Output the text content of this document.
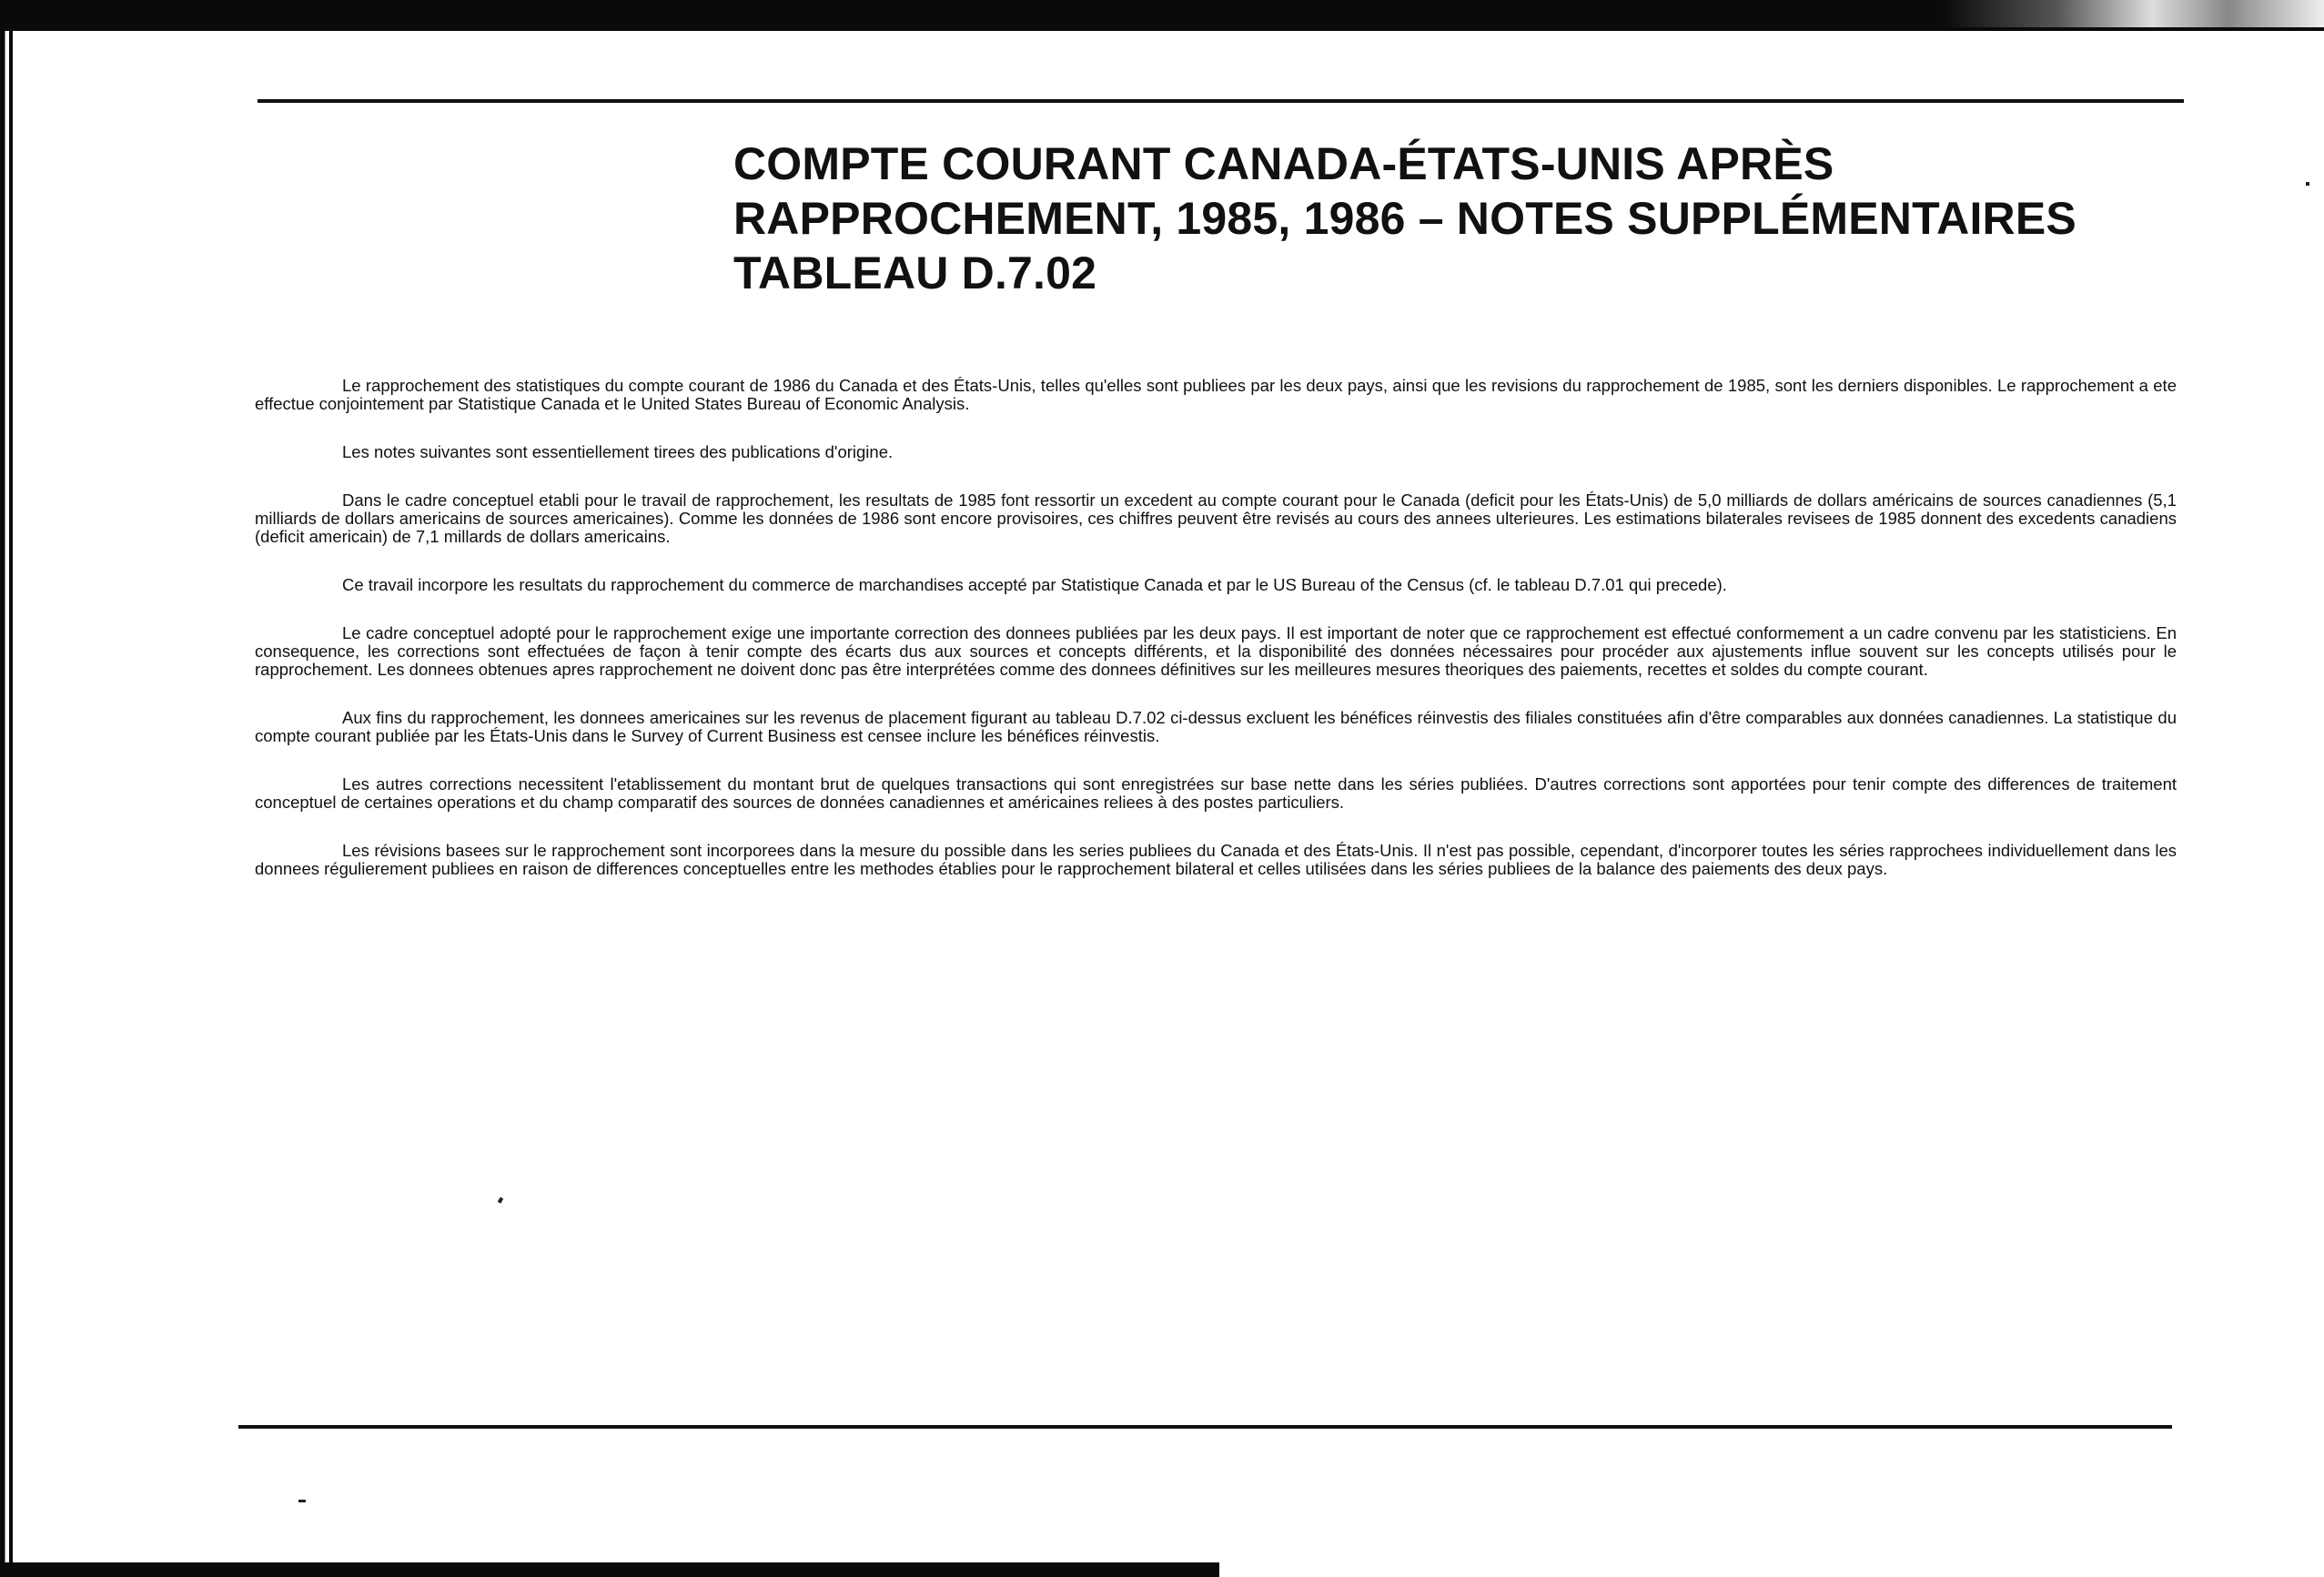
COMPTE COURANT CANADA-ÉTATS-UNIS APRÈS

RAPPROCHEMENT, 1985, 1986 – NOTES SUPPLÉMENTAIRES

TABLEAU D.7.02

Le rapprochement des statistiques du compte courant de 1986 du Canada et des États-Unis, telles qu'elles sont publiees par les deux pays, ainsi que les revisions du rapprochement de 1985, sont les derniers disponibles. Le rapprochement a ete effectue conjointement par Statistique Canada et le United States Bureau of Economic Analysis.

Les notes suivantes sont essentiellement tirees des publications d'origine.

Dans le cadre conceptuel etabli pour le travail de rapprochement, les resultats de 1985 font ressortir un excedent au compte courant pour le Canada (deficit pour les États-Unis) de 5,0 milliards de dollars américains de sources canadiennes (5,1 milliards de dollars americains de sources americaines). Comme les données de 1986 sont encore provisoires, ces chiffres peuvent être revisés au cours des annees ulterieures. Les estimations bilaterales revisees de 1985 donnent des excedents canadiens (deficit americain) de 7,1 millards de dollars americains.

Ce travail incorpore les resultats du rapprochement du commerce de marchandises accepté par Statistique Canada et par le US Bureau of the Census (cf. le tableau D.7.01 qui precede).

Le cadre conceptuel adopté pour le rapprochement exige une importante correction des donnees publiées par les deux pays. Il est important de noter que ce rapprochement est effectué conformement a un cadre convenu par les statisticiens. En consequence, les corrections sont effectuées de façon à tenir compte des écarts dus aux sources et concepts différents, et la disponibilité des données nécessaires pour procéder aux ajustements influe souvent sur les concepts utilisés pour le rapprochement. Les donnees obtenues apres rapprochement ne doivent donc pas être interprétées comme des donnees définitives sur les meilleures mesures theoriques des paiements, recettes et soldes du compte courant.

Aux fins du rapprochement, les donnees americaines sur les revenus de placement figurant au tableau D.7.02 ci-dessus excluent les bénéfices réinvestis des filiales constituées afin d'être comparables aux données canadiennes. La statistique du compte courant publiée par les États-Unis dans le Survey of Current Business est censee inclure les bénéfices réinvestis.

Les autres corrections necessitent l'etablissement du montant brut de quelques transactions qui sont enregistrées sur base nette dans les séries publiées. D'autres corrections sont apportées pour tenir compte des differences de traitement conceptuel de certaines operations et du champ comparatif des sources de données canadiennes et américaines reliees à des postes particuliers.

Les révisions basees sur le rapprochement sont incorporees dans la mesure du possible dans les series publiees du Canada et des États-Unis. Il n'est pas possible, cependant, d'incorporer toutes les séries rapprochees individuellement dans les donnees régulierement publiees en raison de differences conceptuelles entre les methodes établies pour le rapprochement bilateral et celles utilisées dans les séries publiees de la balance des paiements des deux pays.
